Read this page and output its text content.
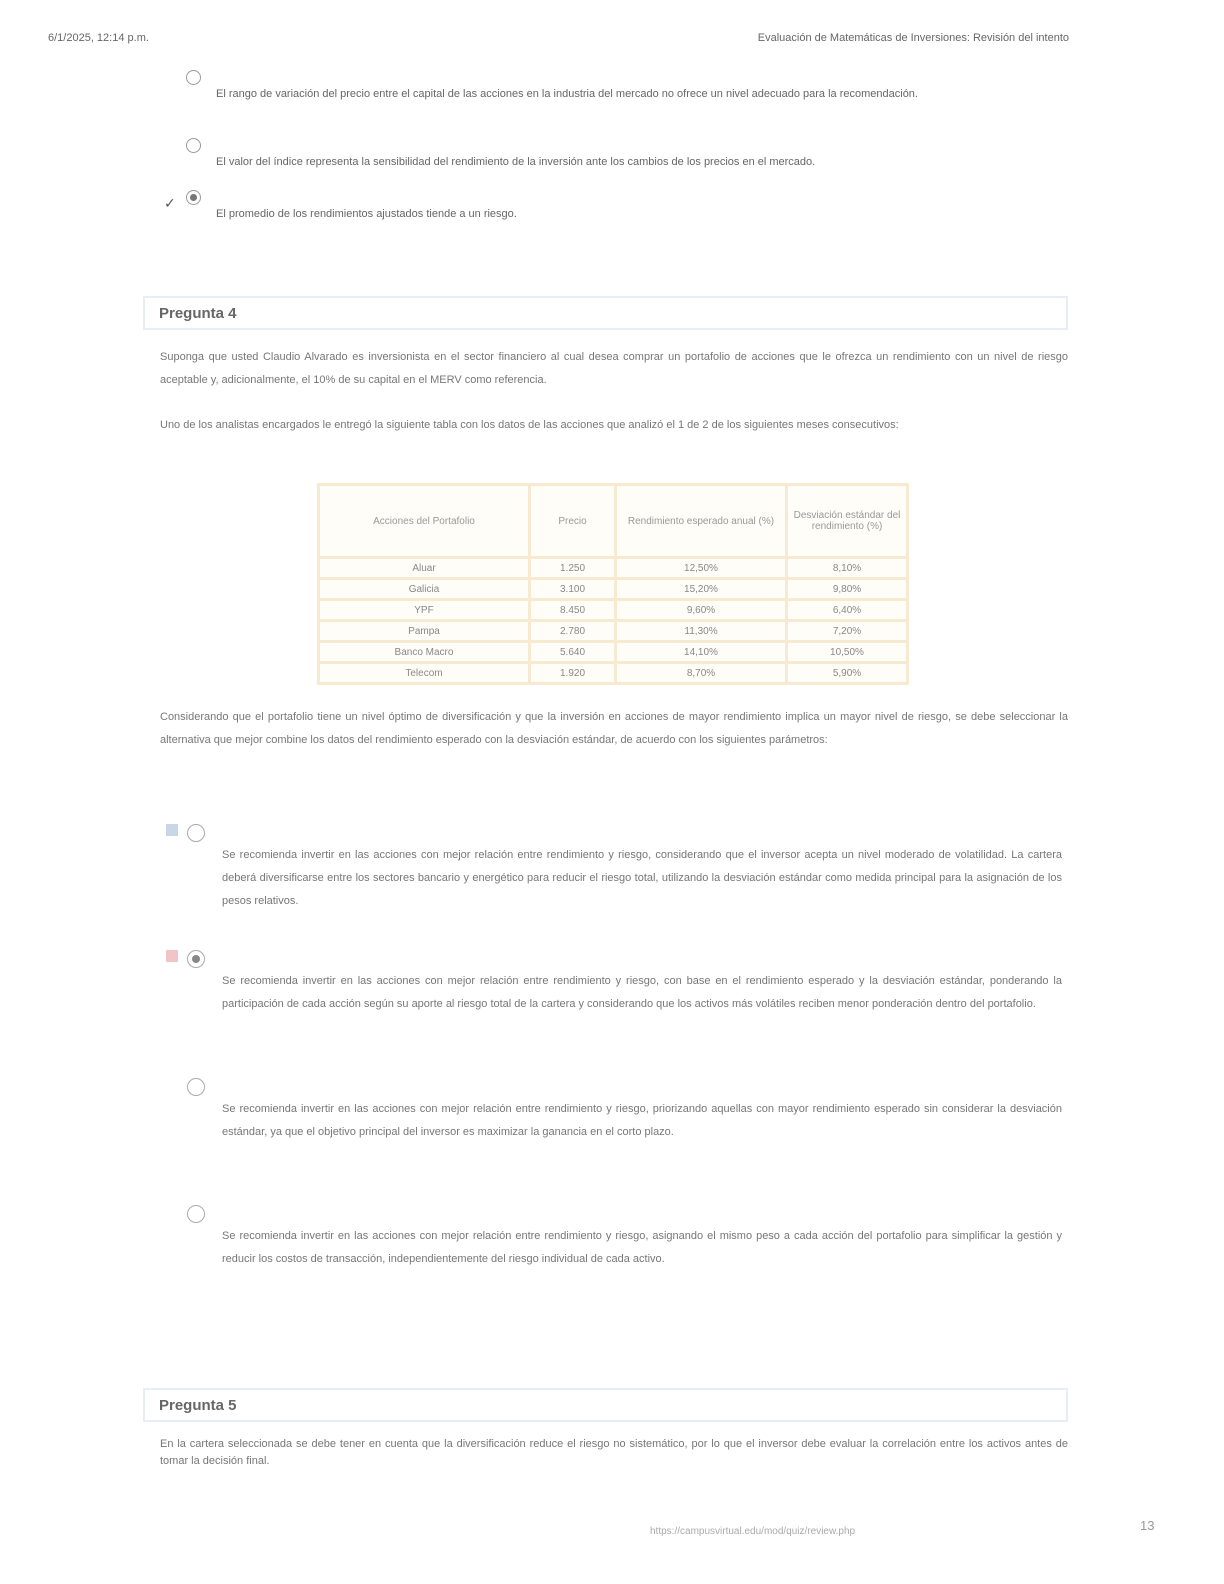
6/1/2025, 12:14 p.m.	Evaluación de Matemáticas de Inversiones: Revisión del intento
El rango de variación del precio entre el capital de las acciones en la industria del mercado no ofrece un nivel adecuado para la recomendación.
El valor del índice representa la sensibilidad del rendimiento de la inversión ante los cambios de los precios en el mercado.
✓
El promedio de los rendimientos ajustados tiende a un riesgo.
Pregunta 4
Suponga que usted Claudio Alvarado es inversionista en el sector financiero al cual desea comprar un portafolio de acciones que le ofrezca un rendimiento con un nivel de riesgo aceptable y, adicionalmente, el 10% de su capital en el MERV como referencia.
Uno de los analistas encargados le entregó la siguiente tabla con los datos de las acciones que analizó el 1 de 2 de los siguientes meses consecutivos:
Acciones del Portafolio	Precio	Rendimiento esperado anual (%)	Desviación estándar del rendimiento (%)
Aluar	1.250	12,50%	8,10%
Galicia	3.100	15,20%	9,80%
YPF	8.450	9,60%	6,40%
Pampa	2.780	11,30%	7,20%
Banco Macro	5.640	14,10%	10,50%
Telecom	1.920	8,70%	5,90%
Considerando que el portafolio tiene un nivel óptimo de diversificación y que la inversión en acciones de mayor rendimiento implica un mayor nivel de riesgo, se debe seleccionar la alternativa que mejor combine los datos del rendimiento esperado con la desviación estándar, de acuerdo con los siguientes parámetros:
Se recomienda invertir en las acciones con mejor relación entre rendimiento y riesgo, considerando que el inversor acepta un nivel moderado de volatilidad. La cartera deberá diversificarse entre los sectores bancario y energético para reducir el riesgo total, utilizando la desviación estándar como medida principal para la asignación de los pesos relativos.
Se recomienda invertir en las acciones con mejor relación entre rendimiento y riesgo, con base en el rendimiento esperado y la desviación estándar, ponderando la participación de cada acción según su aporte al riesgo total de la cartera y considerando que los activos más volátiles reciben menor ponderación dentro del portafolio.
Se recomienda invertir en las acciones con mejor relación entre rendimiento y riesgo, priorizando aquellas con mayor rendimiento esperado sin considerar la desviación estándar, ya que el objetivo principal del inversor es maximizar la ganancia en el corto plazo.
Se recomienda invertir en las acciones con mejor relación entre rendimiento y riesgo, asignando el mismo peso a cada acción del portafolio para simplificar la gestión y reducir los costos de transacción, independientemente del riesgo individual de cada activo.
Pregunta 5
En la cartera seleccionada se debe tener en cuenta que la diversificación reduce el riesgo no sistemático, por lo que el inversor debe evaluar la correlación entre los activos antes de tomar la decisión final.
https://campusvirtual.edu/mod/quiz/review.php	13
